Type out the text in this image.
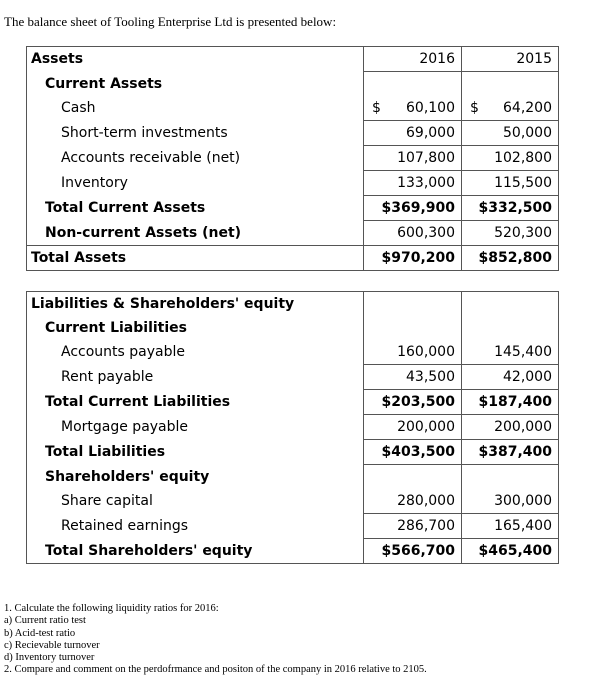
The balance sheet of Tooling Enterprise Ltd is presented below:
Assets	2016	2015
Current Assets		
Cash	$ 60,100	$ 64,200
Short-term investments	69,000	50,000
Accounts receivable (net)	107,800	102,800
Inventory	133,000	115,500
Total Current Assets	$369,900	$332,500
Non-current Assets (net)	600,300	520,300
Total Assets	$970,200	$852,800

Liabilities & Shareholders' equity		
Current Liabilities		
Accounts payable	160,000	145,400
Rent payable	43,500	42,000
Total Current Liabilities	$203,500	$187,400
Mortgage payable	200,000	200,000
Total Liabilities	$403,500	$387,400
Shareholders' equity		
Share capital	280,000	300,000
Retained earnings	286,700	165,400
Total Shareholders' equity	$566,700	$465,400
1. Calculate the following liquidity ratios for 2016:
a) Current ratio test
b) Acid-test ratio
c) Recievable turnover
d) Inventory turnover
2. Compare and comment on the perdofrmance and positon of the company in 2016 relative to 2105.
